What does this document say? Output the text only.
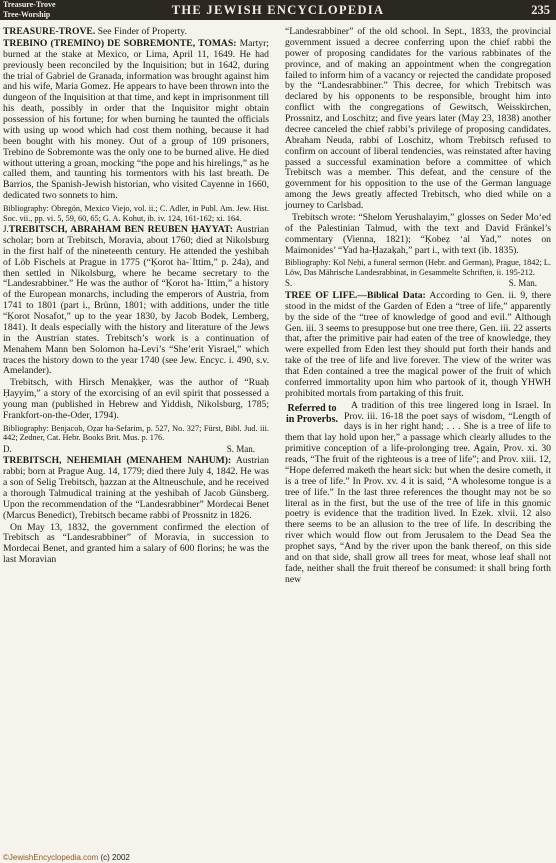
Treasure-Trove
Tree-Worship	THE JEWISH ENCYCLOPEDIA	235

TREASURE-TROVE. See Finder of Property.

TREBINO (TREMINO) DE SOBREMONTE, TOMAS: Martyr; burned at the stake at Mexico, or Lima, April 11, 1649. He had previously been reconciled by the Inquisition; but in 1642, during the trial of Gabriel de Granada, information was brought against him and his wife, Maria Gomez. He appears to have been thrown into the dungeon of the Inquisition at that time, and kept in imprisonment till his death, possibly in order that the Inquisitor might obtain possession of his fortune; for when burning he taunted the officials with using up wood which had cost them nothing, because it had been bought with his money. Out of a group of 109 prisoners, Trebino de Sobremonte was the only one to be burned alive. He died without uttering a groan, mocking “the pope and his hirelings,” as he called them, and taunting his tormentors with his last breath. De Barrios, the Spanish-Jewish historian, who visited Cayenne in 1660, dedicated two sonnets to him.

Bibliography: Obregón, Mexico Viejo, vol. ii.; C. Adler, in Publ. Am. Jew. Hist. Soc. vii., pp. vi. 5, 59, 60, 65; G. A. Kohut, ib. iv. 124, 161-162; xi. 164.

J. TREBITSCH, ABRAHAM BEN REUBEN ḤAYYAT: Austrian scholar; born at Trebitsch, Moravia, about 1760; died at Nikolsburg in the first half of the nineteenth century. He attended the yeshibah of Löb Fischels at Prague in 1775 (“Ḳorot ha-ʿIttim,” p. 24a), and then settled in Nikolsburg, where he became secretary to the “Landesrabbiner.” He was the author of “Ḳorot ha-ʿIttim,” a history of the European monarchs, including the emperors of Austria, from 1741 to 1801 (part i., Brünn, 1801; with additions, under the title “Ḳorot Nosafot,” up to the year 1830, by Jacob Bodek, Lemberg, 1841). It deals especially with the history and literature of the Jews in the Austrian states. Trebitsch’s work is a continuation of Menahem Mann ben Solomon ha-Levi’s “She’erit Yisrael,” which traces the history down to the year 1740 (see Jew. Encyc. i. 490, s.v. Amelander).

Trebitsch, with Hirsch Menaḳḳer, was the author of “Ruaḥ Ḥayyim,” a story of the exorcising of an evil spirit that possessed a young man (published in Hebrew and Yiddish, Nikolsburg, 1785; Frankfort-on-the-Oder, 1794).

Bibliography: Benjacob, Oẓar ha-Sefarim, p. 527, No. 327; Fürst, Bibl. Jud. iii. 442; Zedner, Cat. Hebr. Books Brit. Mus. p. 176.

D.	S. Man.

TREBITSCH, NEHEMIAH (MENAHEM NAHUM): Austrian rabbi; born at Prague Aug. 14, 1779; died there July 4, 1842. He was a son of Selig Trebitsch, ḥazzan at the Altneuschule, and he received a thorough Talmudical training at the yeshibah of Jacob Günsberg. Upon the recommendation of the “Landesrabbiner” Mordecai Benet (Marcus Benedict), Trebitsch became rabbi of Prossnitz in 1826.

On May 13, 1832, the government confirmed the election of Trebitsch as “Landesrabbiner” of Moravia, in succession to Mordecai Benet, and granted him a salary of 600 florins; he was the last Moravian

“Landesrabbiner” of the old school. In Sept., 1833, the provincial government issued a decree conferring upon the chief rabbi the power of proposing candidates for the various rabbinates of the province, and of making an appointment when the congregation failed to inform him of a vacancy or rejected the candidate proposed by the “Landesrabbiner.” This decree, for which Trebitsch was declared by his opponents to be responsible, brought him into conflict with the congregations of Gewitsch, Weisskirchen, Prossnitz, and Loschitz; and five years later (May 23, 1838) another decree canceled the chief rabbi’s privilege of proposing candidates. Abraham Neuda, rabbi of Loschitz, whom Trebitsch refused to confirm on account of liberal tendencies, was reinstated after having passed a successful examination before a committee of which Trebitsch was a member. This defeat, and the censure of the government for his opposition to the use of the German language among the Jews greatly affected Trebitsch, who died while on a journey to Carlsbad.

Trebitsch wrote: “Shelom Yerushalayim,” glosses on Seder Mo‘ed of the Palestinian Talmud, with the text and David Fränkel’s commentary (Vienna, 1821); “Ḳobeẓ ‘al Yad,” notes on Maimonides’ “Yad ha-Ḥazaḳah,” part i., with text (ib. 1835).

Bibliography: Kol Neḥi, a funeral sermon (Hebr. and German), Prague, 1842; L. Löw, Das Mährische Landesrabbinat, in Gesammelte Schriften, ii. 195-212.

S.	S. Man.

TREE OF LIFE.—Biblical Data: According to Gen. ii. 9, there stood in the midst of the Garden of Eden a “tree of life,” apparently by the side of the “tree of knowledge of good and evil.” Although Gen. iii. 3 seems to presuppose but one tree there, Gen. iii. 22 asserts that, after the primitive pair had eaten of the tree of knowledge, they were expelled from Eden lest they should put forth their hands and take of the tree of life and live forever. The view of the writer was that Eden contained a tree the magical power of the fruit of which conferred immortality upon him who partook of it, though YHWH prohibited mortals from partaking of this fruit.

Referred to in Proverbs.
A tradition of this tree lingered long in Israel. In Prov. iii. 16-18 the poet says of wisdom, “Length of days is in her right hand; . . . She is a tree of life to them that lay hold upon her,” a passage which clearly alludes to the primitive conception of a life-prolonging tree. Again, Prov. xi. 30 reads, “The fruit of the righteous is a tree of life”; and Prov. xiii. 12, “Hope deferred maketh the heart sick: but when the desire cometh, it is a tree of life.” In Prov. xv. 4 it is said, “A wholesome tongue is a tree of life.” In the last three references the thought may not be so literal as in the first, but the use of the tree of life in this gnomic poetry is evidence that the tradition lived. In Ezek. xlvii. 12 also there seems to be an allusion to the tree of life. In describing the river which would flow out from Jerusalem to the Dead Sea the prophet says, “And by the river upon the bank thereof, on this side and on that side, shall grow all trees for meat, whose leaf shall not fade, neither shall the fruit thereof be consumed: it shall bring forth new

©JewishEncyclopedia.com (c) 2002
